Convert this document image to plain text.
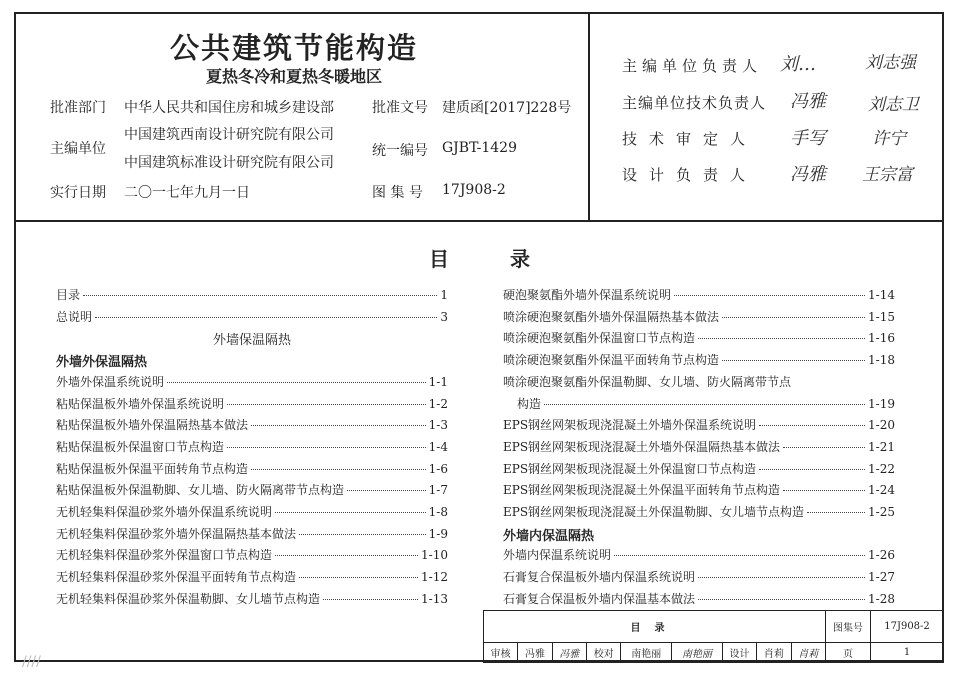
公共建筑节能构造
夏热冬冷和夏热冬暖地区
批准部门 中华人民共和国住房和城乡建设部	批准文号 建质函[2017]228号
主编单位
中国建筑西南设计研究院有限公司
中国建筑标准设计研究院有限公司
统一编号 GJBT-1429
实行日期 二〇一七年九月一日	图 集 号 17J908-2
主编单位负责人 刘…	刘志强
主编单位技术负责人 冯雅 刘志卫
技术审定人 手写	许宁
设计负责人 冯雅 王宗富
目	录
目录	1
总说明	3
外墙保温隔热
外墙外保温隔热
外墙外保温系统说明	1-1
粘贴保温板外墙外保温系统说明	1-2
粘贴保温板外墙外保温隔热基本做法	1-3
粘贴保温板外保温窗口节点构造	1-4
粘贴保温板外保温平面转角节点构造	1-6
粘贴保温板外保温勒脚、女儿墙、防火隔离带节点构造	1-7
无机轻集料保温砂浆外墙外保温系统说明	1-8
无机轻集料保温砂浆外墙外保温隔热基本做法	1-9
无机轻集料保温砂浆外保温窗口节点构造	1-10
无机轻集料保温砂浆外保温平面转角节点构造	1-12
无机轻集料保温砂浆外保温勒脚、女儿墙节点构造	1-13
硬泡聚氨酯外墙外保温系统说明	1-14
喷涂硬泡聚氨酯外墙外保温隔热基本做法	1-15
喷涂硬泡聚氨酯外保温窗口节点构造	1-16
喷涂硬泡聚氨酯外保温平面转角节点构造	1-18
喷涂硬泡聚氨酯外保温勒脚、女儿墙、防火隔离带节点
构造	1-19
EPS钢丝网架板现浇混凝土外墙外保温系统说明	1-20
EPS钢丝网架板现浇混凝土外墙外保温隔热基本做法	1-21
EPS钢丝网架板现浇混凝土外保温窗口节点构造	1-22
EPS钢丝网架板现浇混凝土外保温平面转角节点构造	1-24
EPS钢丝网架板现浇混凝土外保温勒脚、女儿墙节点构造	1-25
外墙内保温隔热
外墙内保温系统说明	1-26
石膏复合保温板外墙内保温系统说明	1-27
石膏复合保温板外墙内保温基本做法	1-28
目录									图集号	17J908-2
审核	冯雅	冯雅	校对	南艳丽	南艳丽	设计	肖莉	肖莉	页	1
////
